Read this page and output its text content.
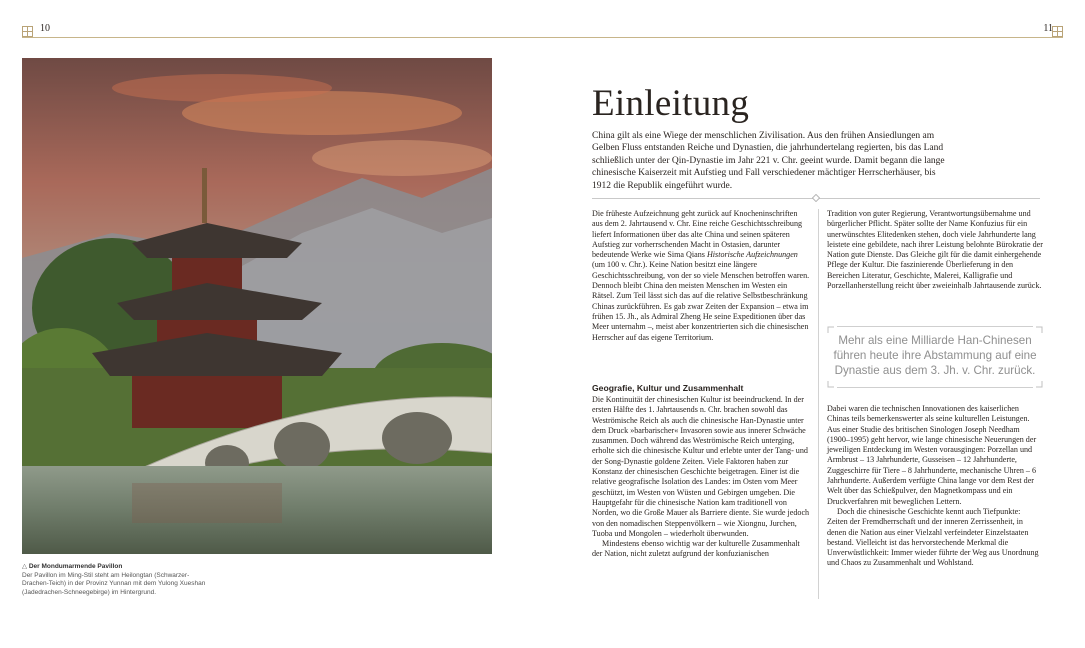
10	11
△ Der Mondumarmende Pavillon
Der Pavillon im Ming-Stil steht am Heilongtan (Schwarzer-Drachen-Teich) in der Provinz Yunnan mit dem Yulong Xueshan (Jadedrachen-Schneegebirge) im Hintergrund.
Einleitung
China gilt als eine Wiege der menschlichen Zivilisation. Aus den frühen Ansiedlungen am Gelben Fluss entstanden Reiche und Dynastien, die jahrhundertelang regierten, bis das Land schließlich unter der Qin-Dynastie im Jahr 221 v. Chr. geeint wurde. Damit begann die lange chinesische Kaiserzeit mit Aufstieg und Fall verschiedener mächtiger Herrscherhäuser, bis 1912 die Republik eingeführt wurde.

Die früheste Aufzeichnung geht zurück auf Knocheninschriften aus dem 2. Jahrtausend v. Chr. Eine reiche Geschichtsschreibung liefert Informationen über das alte China und seinen späteren Aufstieg zur vorherrschenden Macht in Ostasien, darunter bedeutende Werke wie Sima Qians Historische Aufzeichnungen (um 100 v. Chr.). Keine Nation besitzt eine längere Geschichtsschreibung, von der so viele Menschen betroffen waren. Dennoch bleibt China den meisten Menschen im Westen ein Rätsel. Zum Teil lässt sich das auf die relative Selbstbeschränkung Chinas zurückführen. Es gab zwar Zeiten der Expansion – etwa im frühen 15. Jh., als Admiral Zheng He seine Expeditionen über das Meer unternahm –, meist aber konzentrierten sich die chinesischen Herrscher auf das eigene Territorium.

Geografie, Kultur und Zusammenhalt

Die Kontinuität der chinesischen Kultur ist beeindruckend. In der ersten Hälfte des 1. Jahrtausends n. Chr. brachen sowohl das Weströmische Reich als auch die chinesische Han-Dynastie unter dem Druck »barbarischer« Invasoren sowie aus innerer Schwäche zusammen. Doch während das Weströmische Reich unterging, erholte sich die chinesische Kultur und erlebte unter der Tang- und der Song-Dynastie goldene Zeiten. Viele Faktoren haben zur Konstanz der chinesischen Geschichte beigetragen. Einer ist die relative geografische Isolation des Landes: im Osten vom Meer geschützt, im Westen von Wüsten und Gebirgen umgeben. Die Hauptgefahr für die chinesische Nation kam traditionell von Norden, wo die Große Mauer als Barriere diente. Sie wurde jedoch von den nomadischen Steppenvölkern – wie Xiongnu, Jurchen, Tuoba und Mongolen – wiederholt überwunden.

Mindestens ebenso wichtig war der kulturelle Zusammenhalt der Nation, nicht zuletzt aufgrund der konfuzianischen

Tradition von guter Regierung, Verantwortungsübernahme und bürgerlicher Pflicht. Später sollte der Name Konfuzius für ein unerwünschtes Elitedenken stehen, doch viele Jahrhunderte lang leistete eine gebildete, nach ihrer Leistung belohnte Bürokratie der Nation gute Dienste. Das Gleiche gilt für die damit einhergehende Pflege der Kultur. Die faszinierende Überlieferung in den Bereichen Literatur, Geschichte, Malerei, Kalligrafie und Porzellanherstellung reicht über zweieinhalb Jahrtausende zurück.

Mehr als eine Milliarde Han-Chinesen führen heute ihre Abstammung auf eine Dynastie aus dem 3. Jh. v. Chr. zurück.

Dabei waren die technischen Innovationen des kaiserlichen Chinas teils bemerkenswerter als seine kulturellen Leistungen. Aus einer Studie des britischen Sinologen Joseph Needham (1900–1995) geht hervor, wie lange chinesische Neuerungen der jeweiligen Entdeckung im Westen vorausgingen: Porzellan und Armbrust – 13 Jahrhunderte, Gusseisen – 12 Jahrhunderte, Zuggeschirre für Tiere – 8 Jahrhunderte, mechanische Uhren – 6 Jahrhunderte. Außerdem verfügte China lange vor dem Rest der Welt über das Schießpulver, den Magnetkompass und ein Druckverfahren mit beweglichen Lettern.

Doch die chinesische Geschichte kennt auch Tiefpunkte: Zeiten der Fremdherrschaft und der inneren Zerrissenheit, in denen die Nation aus einer Vielzahl verfeindeter Einzelstaaten bestand. Vielleicht ist das hervorstechende Merkmal die Unverwüstlichkeit: Immer wieder führte der Weg aus Unordnung und Chaos zu Zusammenhalt und Wohlstand.
